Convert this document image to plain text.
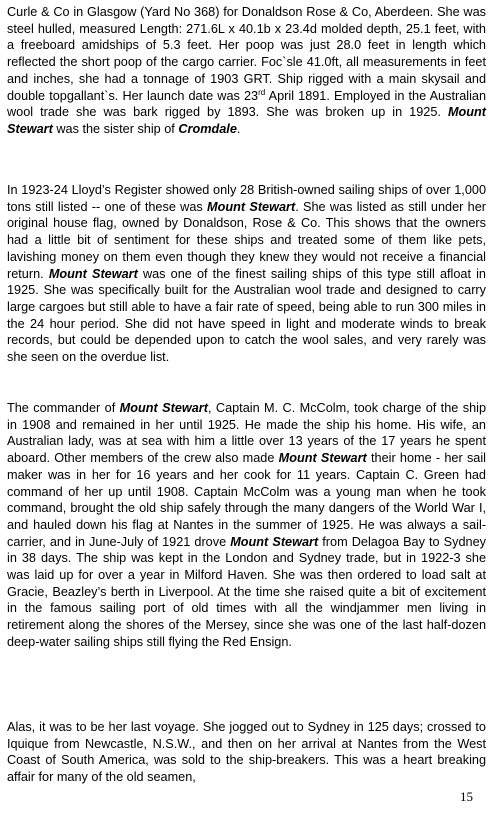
Curle & Co in Glasgow (Yard No 368) for Donaldson Rose & Co, Aberdeen. She was steel hulled, measured Length: 271.6L x 40.1b x 23.4d molded depth, 25.1 feet, with a freeboard amidships of 5.3 feet. Her poop was just 28.0 feet in length which reflected the short poop of the cargo carrier. Foc`sle 41.0ft, all measurements in feet and inches, she had a tonnage of 1903 GRT. Ship rigged with a main skysail and double topgallant`s. Her launch date was 23rd April 1891. Employed in the Australian wool trade she was bark rigged by 1893. She was broken up in 1925. Mount Stewart was the sister ship of Cromdale.

In 1923-24 Lloyd’s Register showed only 28 British-owned sailing ships of over 1,000 tons still listed -- one of these was Mount Stewart. She was listed as still under her original house flag, owned by Donaldson, Rose & Co. This shows that the owners had a little bit of sentiment for these ships and treated some of them like pets, lavishing money on them even though they knew they would not receive a financial return. Mount Stewart was one of the finest sailing ships of this type still afloat in 1925. She was specifically built for the Australian wool trade and designed to carry large cargoes but still able to have a fair rate of speed, being able to run 300 miles in the 24 hour period. She did not have speed in light and moderate winds to break records, but could be depended upon to catch the wool sales, and very rarely was she seen on the overdue list.

The commander of Mount Stewart, Captain M. C. McColm, took charge of the ship in 1908 and remained in her until 1925. He made the ship his home. His wife, an Australian lady, was at sea with him a little over 13 years of the 17 years he spent aboard. Other members of the crew also made Mount Stewart their home - her sail maker was in her for 16 years and her cook for 11 years. Captain C. Green had command of her up until 1908. Captain McColm was a young man when he took command, brought the old ship safely through the many dangers of the World War I, and hauled down his flag at Nantes in the summer of 1925. He was always a sail-carrier, and in June-July of 1921 drove Mount Stewart from Delagoa Bay to Sydney in 38 days. The ship was kept in the London and Sydney trade, but in 1922-3 she was laid up for over a year in Milford Haven. She was then ordered to load salt at Gracie, Beazley’s berth in Liverpool. At the time she raised quite a bit of excitement in the famous sailing port of old times with all the windjammer men living in retirement along the shores of the Mersey, since she was one of the last half-dozen deep-water sailing ships still flying the Red Ensign.

Alas, it was to be her last voyage. She jogged out to Sydney in 125 days; crossed to Iquique from Newcastle, N.S.W., and then on her arrival at Nantes from the West Coast of South America, was sold to the ship-breakers. This was a heart breaking affair for many of the old seamen,

15
